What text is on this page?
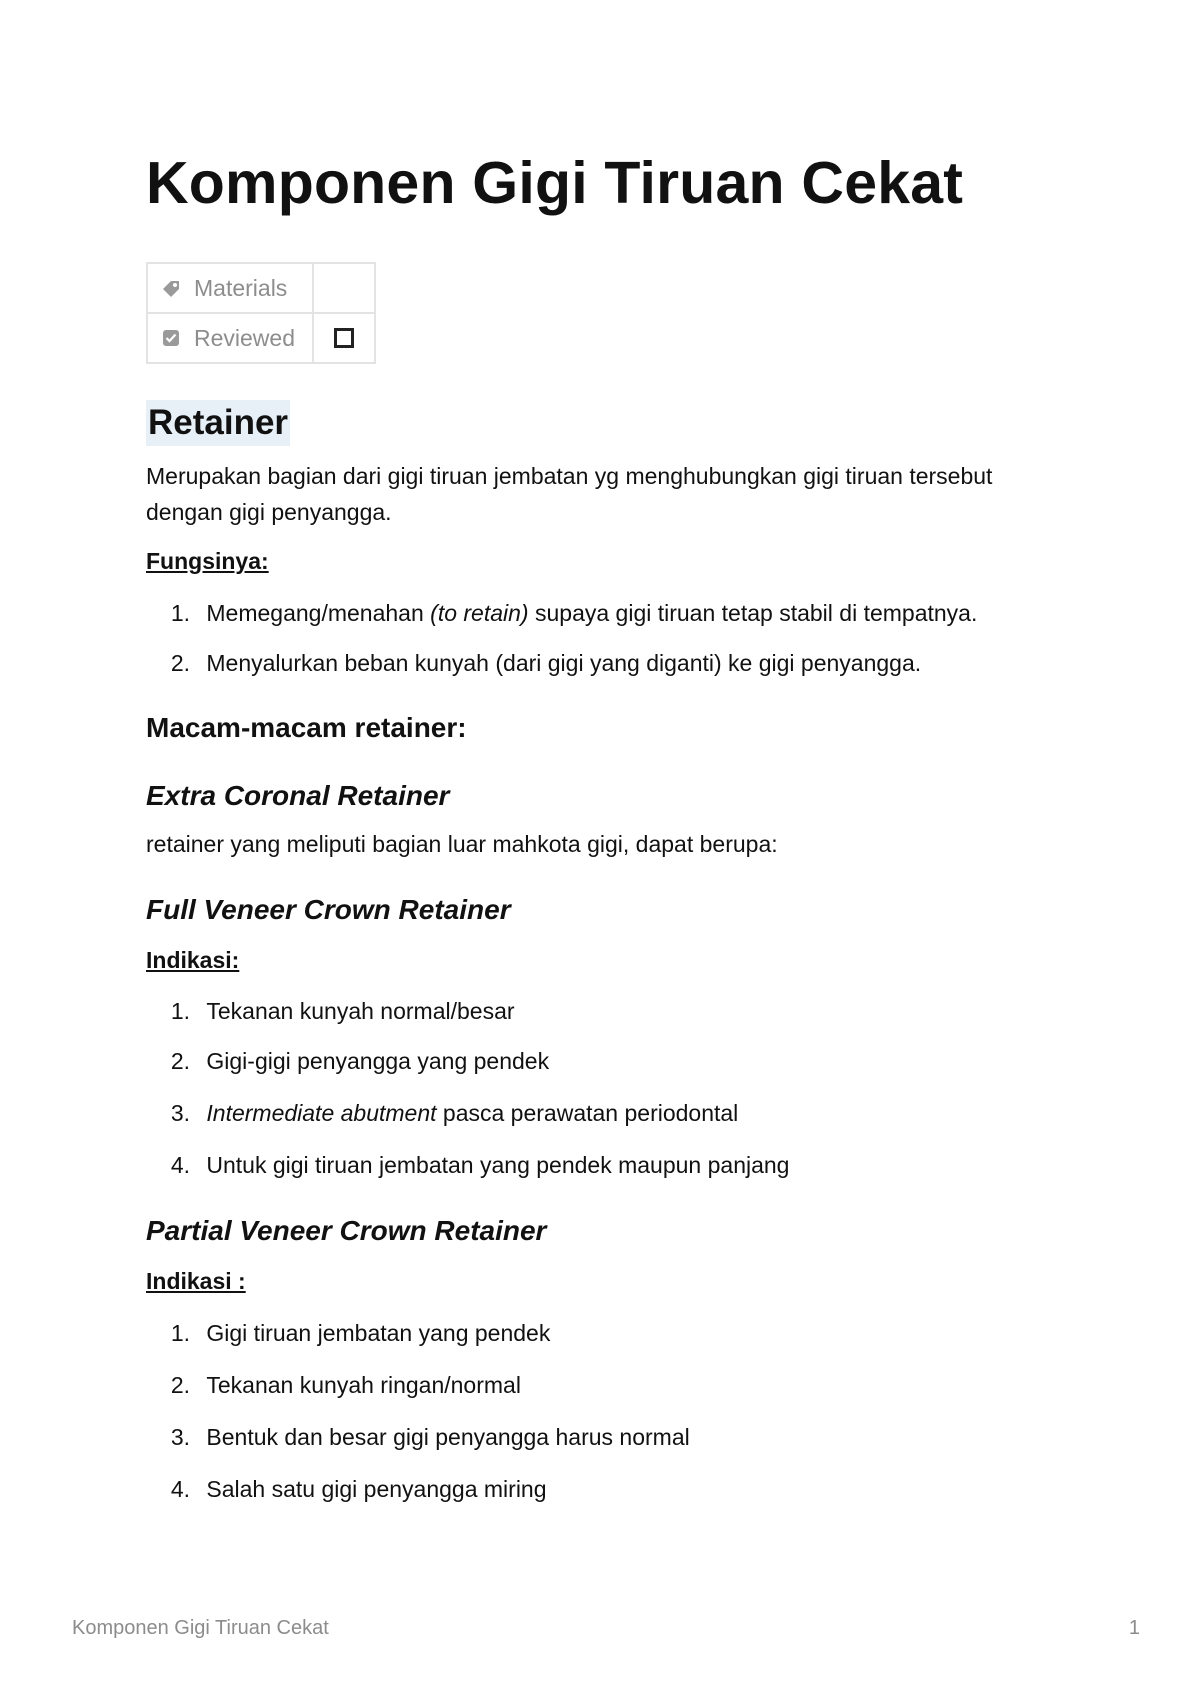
Komponen Gigi Tiruan Cekat
Materials	

Reviewed	

Retainer

Merupakan bagian dari gigi tiruan jembatan yg menghubungkan gigi tiruan tersebut

dengan gigi penyangga.

Fungsinya:

1. Memegang/menahan (to retain) supaya gigi tiruan tetap stabil di tempatnya.
2. Menyalurkan beban kunyah (dari gigi yang diganti) ke gigi penyangga.
Macam-macam retainer:
Extra Coronal Retainer

retainer yang meliputi bagian luar mahkota gigi, dapat berupa:

Full Veneer Crown Retainer

Indikasi:

1. Tekanan kunyah normal/besar
2. Gigi-gigi penyangga yang pendek
3. Intermediate abutment pasca perawatan periodontal
4. Untuk gigi tiruan jembatan yang pendek maupun panjang
Partial Veneer Crown Retainer

Indikasi :

1. Gigi tiruan jembatan yang pendek
2. Tekanan kunyah ringan/normal
3. Bentuk dan besar gigi penyangga harus normal
4. Salah satu gigi penyangga miring
Komponen Gigi Tiruan Cekat	1
